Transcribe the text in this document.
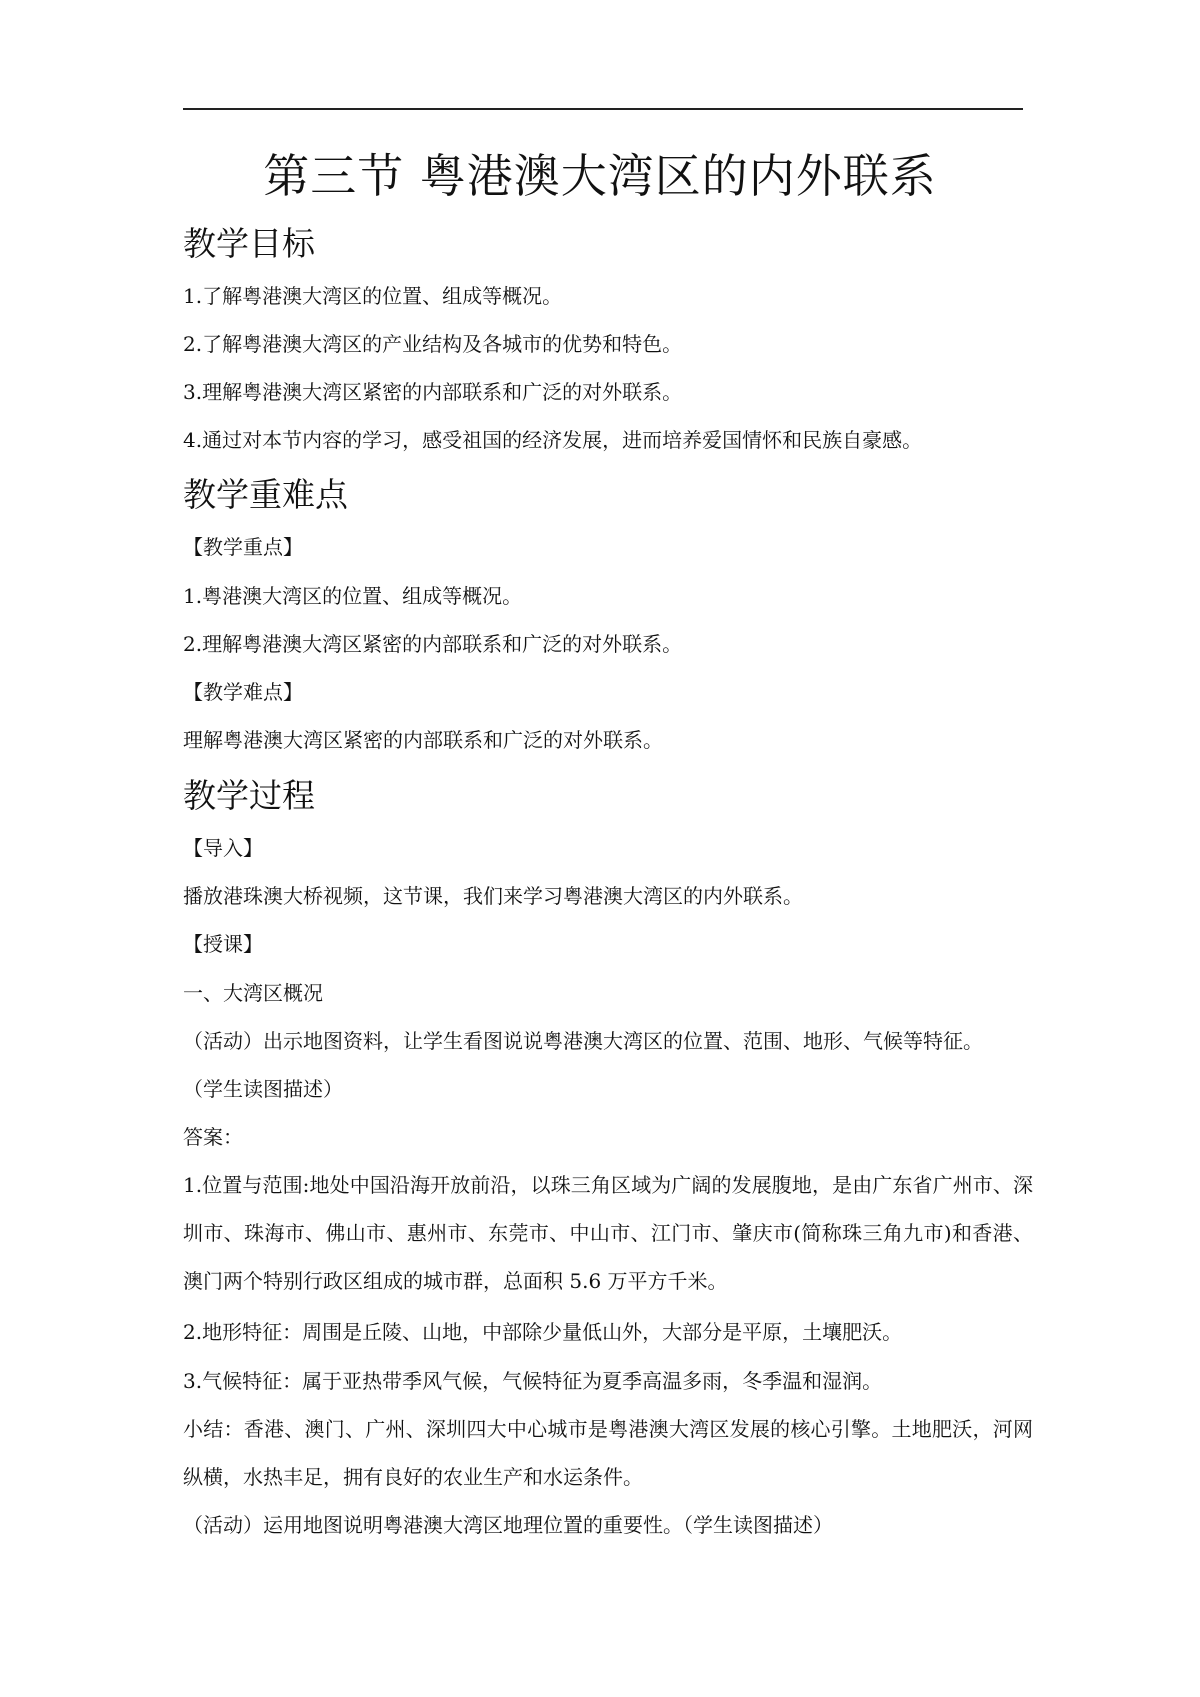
第三节 粤港澳大湾区的内外联系
教学目标
1.了解粤港澳大湾区的位置、组成等概况。
2.了解粤港澳大湾区的产业结构及各城市的优势和特色。
3.理解粤港澳大湾区紧密的内部联系和广泛的对外联系。
4.通过对本节内容的学习，感受祖国的经济发展，进而培养爱国情怀和民族自豪感。
教学重难点
【教学重点】
1.粤港澳大湾区的位置、组成等概况。
2.理解粤港澳大湾区紧密的内部联系和广泛的对外联系。
【教学难点】
理解粤港澳大湾区紧密的内部联系和广泛的对外联系。
教学过程
【导入】
播放港珠澳大桥视频，这节课，我们来学习粤港澳大湾区的内外联系。
【授课】
一、大湾区概况
（活动）出示地图资料，让学生看图说说粤港澳大湾区的位置、范围、地形、气候等特征。
（学生读图描述）
答案：
1.位置与范围:地处中国沿海开放前沿，以珠三角区域为广阔的发展腹地，是由广东省广州市、深圳市、珠海市、佛山市、惠州市、东莞市、中山市、江门市、肇庆市(简称珠三角九市)和香港、澳门两个特别行政区组成的城市群，总面积 5.6 万平方千米。
2.地形特征：周围是丘陵、山地，中部除少量低山外，大部分是平原，土壤肥沃。
3.气候特征：属于亚热带季风气候，气候特征为夏季高温多雨，冬季温和湿润。
小结：香港、澳门、广州、深圳四大中心城市是粤港澳大湾区发展的核心引擎。土地肥沃，河网纵横，水热丰足，拥有良好的农业生产和水运条件。
（活动）运用地图说明粤港澳大湾区地理位置的重要性。（学生读图描述）
